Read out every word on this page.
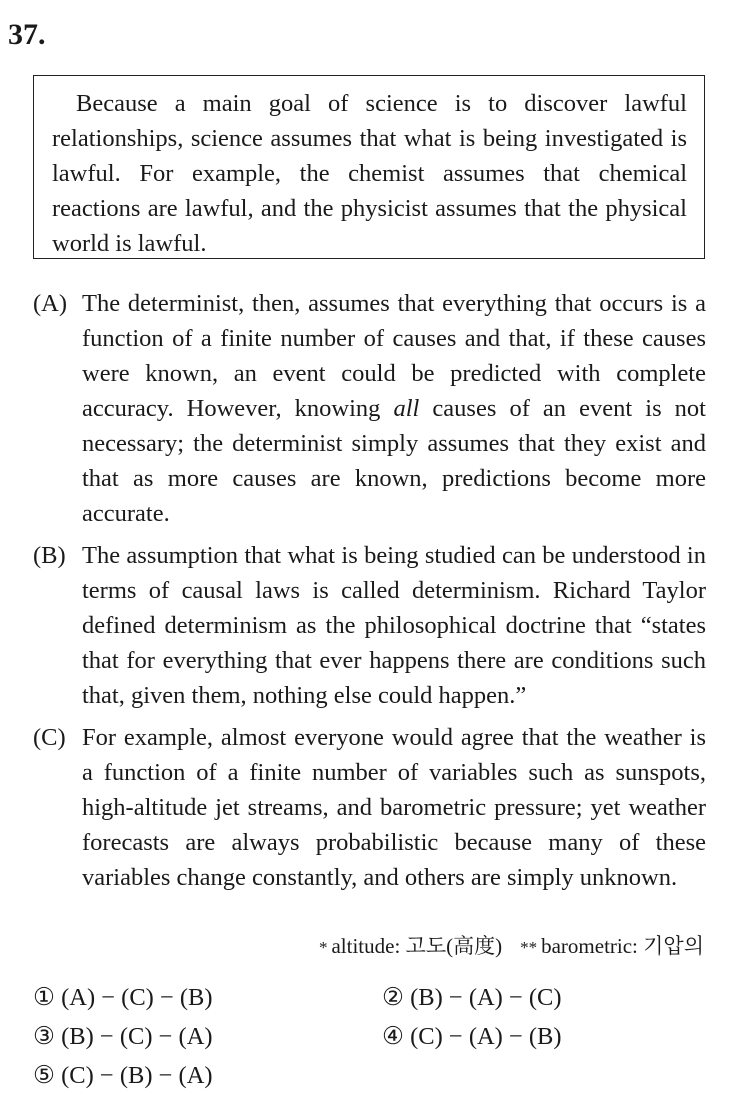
37.

Because a main goal of science is to discover lawful relationships, science assumes that what is being investigated is lawful. For example, the chemist assumes that chemical reactions are lawful, and the physicist assumes that the physical world is lawful.

(A) The determinist, then, assumes that everything that occurs is a function of a finite number of causes and that, if these causes were known, an event could be predicted with complete accuracy. However, knowing all causes of an event is not necessary; the determinist simply assumes that they exist and that as more causes are known, predictions become more accurate.
(B) The assumption that what is being studied can be understood in terms of causal laws is called determinism. Richard Taylor defined determinism as the philosophical doctrine that “states that for everything that ever happens there are conditions such that, given them, nothing else could happen.”
(C) For example, almost everyone would agree that the weather is a function of a finite number of variables such as sunspots, high-altitude jet streams, and barometric pressure; yet weather forecasts are always probabilistic because many of these variables change constantly, and others are simply unknown.
* altitude: 고도(高度) ** barometric: 기압의
① (A) − (C) − (B)	② (B) − (A) − (C)
③ (B) − (C) − (A)	④ (C) − (A) − (B)
⑤ (C) − (B) − (A)
